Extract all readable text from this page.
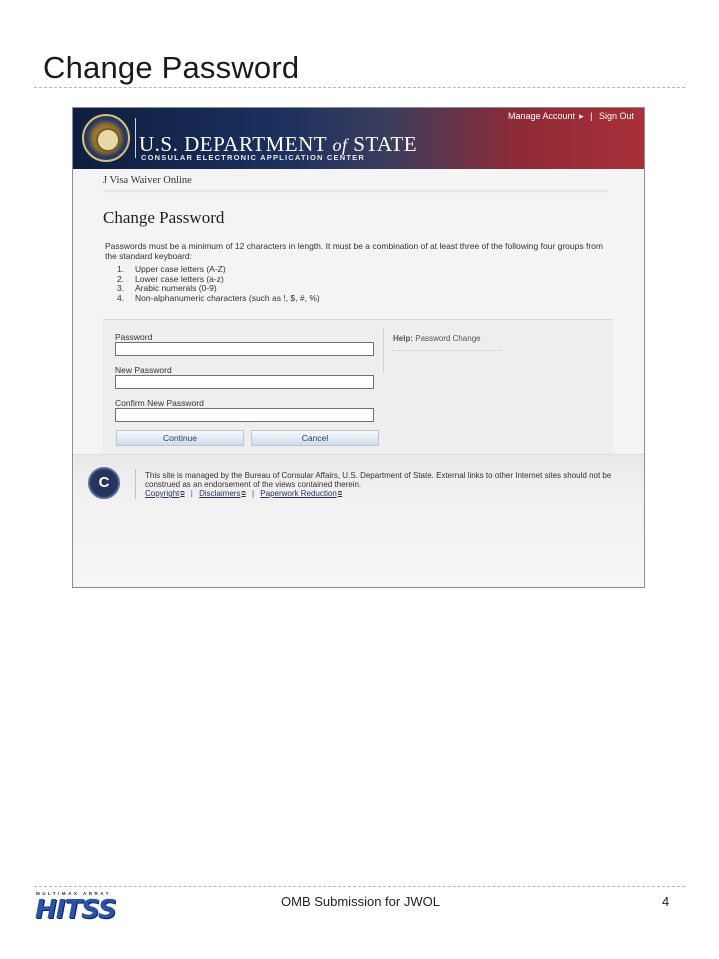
Change Password
U.S. DEPARTMENT of STATE
CONSULAR ELECTRONIC APPLICATION CENTER
Manage Account ▸ | Sign Out
J Visa Waiver Online
Change Password
Passwords must be a minimum of 12 characters in length. It must be a combination of at least three of the following four groups from the standard keyboard:
1. Upper case letters (A-Z)
2. Lower case letters (a-z)
3. Arabic numerals (0-9)
4. Non-alphanumeric characters (such as !, $, #, %)
Password
New Password
Confirm New Password
Continue	Cancel
Help: Password Change
C	This site is managed by the Bureau of Consular Affairs, U.S. Department of State. External links to other Internet sites should not be construed as an endorsement of the views contained therein.
Copyright⧉ | Disclaimers⧉ | Paperwork Reduction⧉
MULTIMAX ARRAY
HITSS	OMB Submission for JWOL	4
